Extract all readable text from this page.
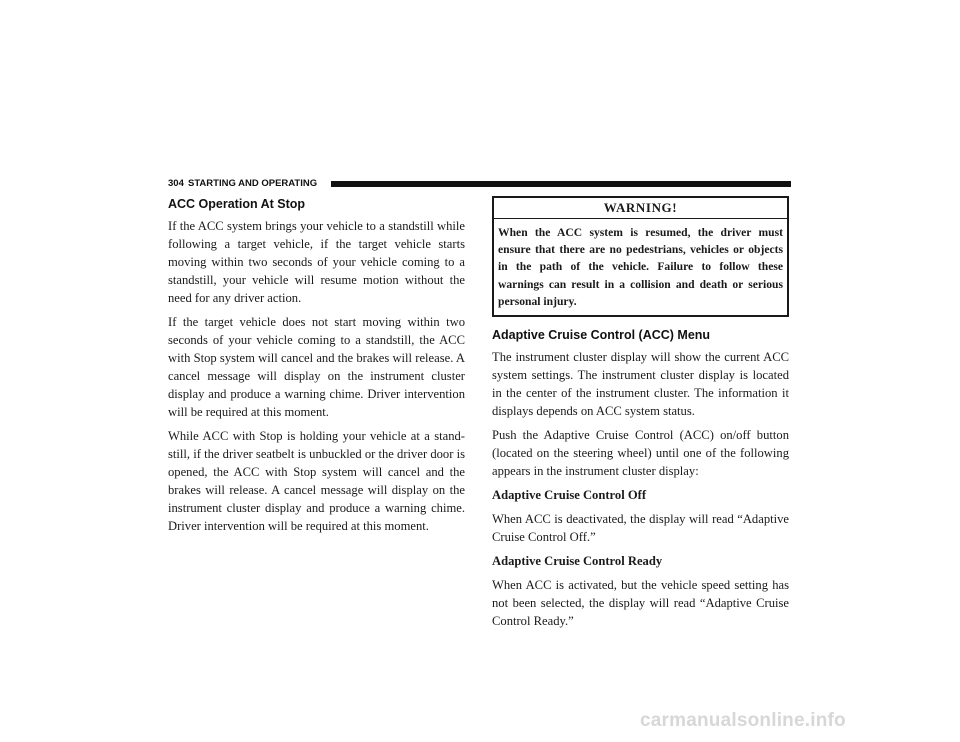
304 STARTING AND OPERATING
ACC Operation At Stop

If the ACC system brings your vehicle to a standstill while following a target vehicle, if the target vehicle starts moving within two seconds of your vehicle coming to a standstill, your vehicle will resume motion without the need for any driver action.

If the target vehicle does not start moving within two seconds of your vehicle coming to a standstill, the ACC with Stop system will cancel and the brakes will release. A cancel message will display on the instrument cluster display and produce a warning chime. Driver intervention will be required at this moment.

While ACC with Stop is holding your vehicle at a stand-still, if the driver seatbelt is unbuckled or the driver door is opened, the ACC with Stop system will cancel and the brakes will release. A cancel message will display on the instrument cluster display and produce a warning chime. Driver intervention will be required at this moment.

WARNING!
When the ACC system is resumed, the driver must ensure that there are no pedestrians, vehicles or objects in the path of the vehicle. Failure to follow these warnings can result in a collision and death or serious personal injury.
Adaptive Cruise Control (ACC) Menu

The instrument cluster display will show the current ACC system settings. The instrument cluster display is located in the center of the instrument cluster. The information it displays depends on ACC system status.

Push the Adaptive Cruise Control (ACC) on/off button (located on the steering wheel) until one of the following appears in the instrument cluster display:

Adaptive Cruise Control Off

When ACC is deactivated, the display will read “Adaptive Cruise Control Off.”

Adaptive Cruise Control Ready

When ACC is activated, but the vehicle speed setting has not been selected, the display will read “Adaptive Cruise Control Ready.”

carmanualsonline.info
